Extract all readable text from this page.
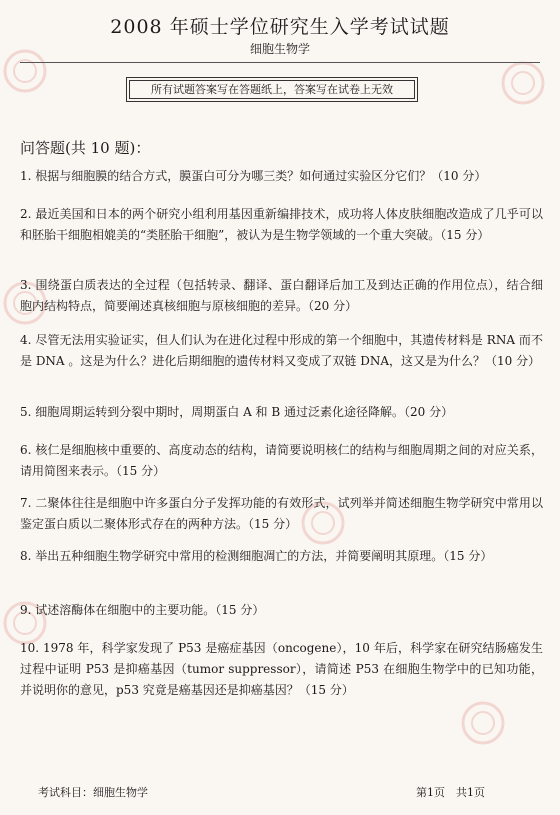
2008 年硕士学位研究生入学考试试题
细胞生物学
所有试题答案写在答题纸上，答案写在试卷上无效
问答题(共 10 题)：
1. 根据与细胞膜的结合方式，膜蛋白可分为哪三类？如何通过实验区分它们？（10 分）
2. 最近美国和日本的两个研究小组利用基因重新编排技术，成功将人体皮肤细胞改造成了几乎可以和胚胎干细胞相媲美的“类胚胎干细胞”，被认为是生物学领域的一个重大突破。（15 分）
3. 围绕蛋白质表达的全过程（包括转录、翻译、蛋白翻译后加工及到达正确的作用位点），结合细胞内结构特点，简要阐述真核细胞与原核细胞的差异。（20 分）
4. 尽管无法用实验证实，但人们认为在进化过程中形成的第一个细胞中，其遗传材料是 RNA 而不是 DNA 。这是为什么？进化后期细胞的遗传材料又变成了双链 DNA，这又是为什么？（10 分）
5. 细胞周期运转到分裂中期时，周期蛋白 A 和 B 通过泛素化途径降解。（20 分）
6. 核仁是细胞核中重要的、高度动态的结构，请简要说明核仁的结构与细胞周期之间的对应关系，请用简图来表示。（15 分）
7. 二聚体往往是细胞中许多蛋白分子发挥功能的有效形式，试列举并简述细胞生物学研究中常用以鉴定蛋白质以二聚体形式存在的两种方法。（15 分）
8. 举出五种细胞生物学研究中常用的检测细胞凋亡的方法，并简要阐明其原理。（15 分）
9. 试述溶酶体在细胞中的主要功能。（15 分）
10. 1978 年，科学家发现了 P53 是癌症基因（oncogene），10 年后，科学家在研究结肠癌发生过程中证明 P53 是抑癌基因（tumor suppressor），请简述 P53 在细胞生物学中的已知功能，并说明你的意见，p53 究竟是癌基因还是抑癌基因？（15 分）
考试科目：细胞生物学	第1页　共1页
